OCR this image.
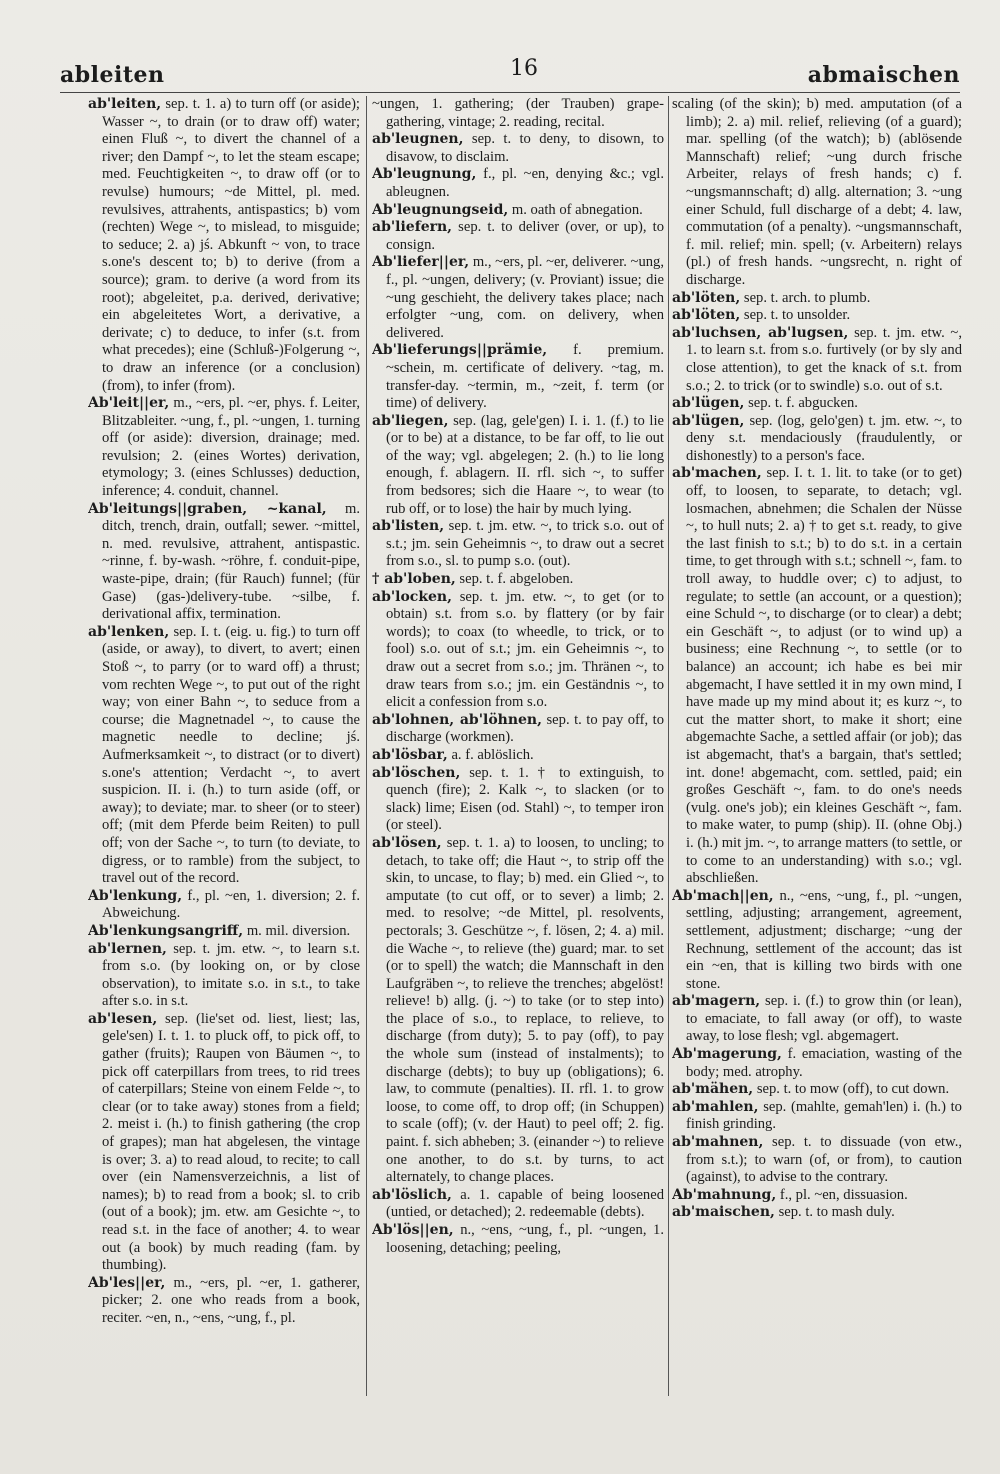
ableiten	16	abmaischen

ab'leiten, sep. t. 1. a) to turn off (or aside); Wasser ~, to drain (or to draw off) water; einen Fluß ~, to divert the channel of a river; den Dampf ~, to let the steam escape; med. Feuchtigkeiten ~, to draw off (or to revulse) humours; ~de Mittel, pl. med. revulsives, attrahents, antispastics; b) vom (rechten) Wege ~, to mislead, to misguide; to seduce; 2. a) jś. Abkunft ~ von, to trace s.one's descent to; b) to derive (from a source); gram. to derive (a word from its root); abgeleitet, p.a. derived, derivative; ein abgeleitetes Wort, a derivative, a derivate; c) to deduce, to infer (s.t. from what precedes); eine (Schluß-)Folgerung ~, to draw an inference (or a conclusion) (from), to infer (from).

Ab'leit||er, m., ~ers, pl. ~er, phys. f. Leiter, Blitzableiter. ~ung, f., pl. ~ungen, 1. turning off (or aside): diversion, drainage; med. revulsion; 2. (eines Wortes) derivation, etymology; 3. (eines Schlusses) deduction, inference; 4. conduit, channel.

Ab'leitungs||graben, ~kanal, m. ditch, trench, drain, outfall; sewer. ~mittel, n. med. revulsive, attrahent, antispastic. ~rinne, f. by-wash. ~röhre, f. conduit-pipe, waste-pipe, drain; (für Rauch) funnel; (für Gase) (gas-)delivery-tube. ~silbe, f. derivational affix, termination.

ab'lenken, sep. I. t. (eig. u. fig.) to turn off (aside, or away), to divert, to avert; einen Stoß ~, to parry (or to ward off) a thrust; vom rechten Wege ~, to put out of the right way; von einer Bahn ~, to seduce from a course; die Magnetnadel ~, to cause the magnetic needle to decline; jś. Aufmerksamkeit ~, to distract (or to divert) s.one's attention; Verdacht ~, to avert suspicion. II. i. (h.) to turn aside (off, or away); to deviate; mar. to sheer (or to steer) off; (mit dem Pferde beim Reiten) to pull off; von der Sache ~, to turn (to deviate, to digress, or to ramble) from the subject, to travel out of the record.

Ab'lenkung, f., pl. ~en, 1. diversion; 2. f. Abweichung.

Ab'lenkungsangriff, m. mil. diversion.

ab'lernen, sep. t. jm. etw. ~, to learn s.t. from s.o. (by looking on, or by close observation), to imitate s.o. in s.t., to take after s.o. in s.t.

ab'lesen, sep. (lie'set od. liest, liest; las, gele'sen) I. t. 1. to pluck off, to pick off, to gather (fruits); Raupen von Bäumen ~, to pick off caterpillars from trees, to rid trees of caterpillars; Steine von einem Felde ~, to clear (or to take away) stones from a field; 2. meist i. (h.) to finish gathering (the crop of grapes); man hat abgelesen, the vintage is over; 3. a) to read aloud, to recite; to call over (ein Namensverzeichnis, a list of names); b) to read from a book; sl. to crib (out of a book); jm. etw. am Gesichte ~, to read s.t. in the face of another; 4. to wear out (a book) by much reading (fam. by thumbing).

Ab'les||er, m., ~ers, pl. ~er, 1. gatherer, picker; 2. one who reads from a book, reciter. ~en, n., ~ens, ~ung, f., pl.

~ungen, 1. gathering; (der Trauben) grape-gathering, vintage; 2. reading, recital.

ab'leugnen, sep. t. to deny, to disown, to disavow, to disclaim.

Ab'leugnung, f., pl. ~en, denying &c.; vgl. ableugnen.

Ab'leugnungseid, m. oath of abnegation.

ab'liefern, sep. t. to deliver (over, or up), to consign.

Ab'liefer||er, m., ~ers, pl. ~er, deliverer. ~ung, f., pl. ~ungen, delivery; (v. Proviant) issue; die ~ung geschieht, the delivery takes place; nach erfolgter ~ung, com. on delivery, when delivered.

Ab'lieferungs||prämie, f. premium. ~schein, m. certificate of delivery. ~tag, m. transfer-day. ~termin, m., ~zeit, f. term (or time) of delivery.

ab'liegen, sep. (lag, gele'gen) I. i. 1. (f.) to lie (or to be) at a distance, to be far off, to lie out of the way; vgl. abgelegen; 2. (h.) to lie long enough, f. ablagern. II. rfl. sich ~, to suffer from bedsores; sich die Haare ~, to wear (to rub off, or to lose) the hair by much lying.

ab'listen, sep. t. jm. etw. ~, to trick s.o. out of s.t.; jm. sein Geheimnis ~, to draw out a secret from s.o., sl. to pump s.o. (out).

† ab'loben, sep. t. f. abgeloben.

ab'locken, sep. t. jm. etw. ~, to get (or to obtain) s.t. from s.o. by flattery (or by fair words); to coax (to wheedle, to trick, or to fool) s.o. out of s.t.; jm. ein Geheimnis ~, to draw out a secret from s.o.; jm. Thränen ~, to draw tears from s.o.; jm. ein Geständnis ~, to elicit a confession from s.o.

ab'lohnen, ab'löhnen, sep. t. to pay off, to discharge (workmen).

ab'lösbar, a. f. ablöslich.

ab'löschen, sep. t. 1. † to extinguish, to quench (fire); 2. Kalk ~, to slacken (or to slack) lime; Eisen (od. Stahl) ~, to temper iron (or steel).

ab'lösen, sep. t. 1. a) to loosen, to uncling; to detach, to take off; die Haut ~, to strip off the skin, to uncase, to flay; b) med. ein Glied ~, to amputate (to cut off, or to sever) a limb; 2. med. to resolve; ~de Mittel, pl. resolvents, pectorals; 3. Geschütze ~, f. lösen, 2; 4. a) mil. die Wache ~, to relieve (the) guard; mar. to set (or to spell) the watch; die Mannschaft in den Laufgräben ~, to relieve the trenches; abgelöst! relieve! b) allg. (j. ~) to take (or to step into) the place of s.o., to replace, to relieve, to discharge (from duty); 5. to pay (off), to pay the whole sum (instead of instalments); to discharge (debts); to buy up (obligations); 6. law, to commute (penalties). II. rfl. 1. to grow loose, to come off, to drop off; (in Schuppen) to scale (off); (v. der Haut) to peel off; 2. fig. paint. f. sich abheben; 3. (einander ~) to relieve one another, to do s.t. by turns, to act alternately, to change places.

ab'löslich, a. 1. capable of being loosened (untied, or detached); 2. redeemable (debts).

Ab'lös||en, n., ~ens, ~ung, f., pl. ~ungen, 1. loosening, detaching; peeling,

scaling (of the skin); b) med. amputation (of a limb); 2. a) mil. relief, relieving (of a guard); mar. spelling (of the watch); b) (ablösende Mannschaft) relief; ~ung durch frische Arbeiter, relays of fresh hands; c) f. ~ungsmannschaft; d) allg. alternation; 3. ~ung einer Schuld, full discharge of a debt; 4. law, commutation (of a penalty). ~ungsmannschaft, f. mil. relief; min. spell; (v. Arbeitern) relays (pl.) of fresh hands. ~ungsrecht, n. right of discharge.

ab'löten, sep. t. arch. to plumb.

ab'löten, sep. t. to unsolder.

ab'luchsen, ab'lugsen, sep. t. jm. etw. ~, 1. to learn s.t. from s.o. furtively (or by sly and close attention), to get the knack of s.t. from s.o.; 2. to trick (or to swindle) s.o. out of s.t.

ab'lügen, sep. t. f. abgucken.

ab'lügen, sep. (log, gelo'gen) t. jm. etw. ~, to deny s.t. mendaciously (fraudulently, or dishonestly) to a person's face.

ab'machen, sep. I. t. 1. lit. to take (or to get) off, to loosen, to separate, to detach; vgl. losmachen, abnehmen; die Schalen der Nüsse ~, to hull nuts; 2. a) † to get s.t. ready, to give the last finish to s.t.; b) to do s.t. in a certain time, to get through with s.t.; schnell ~, fam. to troll away, to huddle over; c) to adjust, to regulate; to settle (an account, or a question); eine Schuld ~, to discharge (or to clear) a debt; ein Geschäft ~, to adjust (or to wind up) a business; eine Rechnung ~, to settle (or to balance) an account; ich habe es bei mir abgemacht, I have settled it in my own mind, I have made up my mind about it; es kurz ~, to cut the matter short, to make it short; eine abgemachte Sache, a settled affair (or job); das ist abgemacht, that's a bargain, that's settled; int. done! abgemacht, com. settled, paid; ein großes Geschäft ~, fam. to do one's needs (vulg. one's job); ein kleines Geschäft ~, fam. to make water, to pump (ship). II. (ohne Obj.) i. (h.) mit jm. ~, to arrange matters (to settle, or to come to an understanding) with s.o.; vgl. abschließen.

Ab'mach||en, n., ~ens, ~ung, f., pl. ~ungen, settling, adjusting; arrangement, agreement, settlement, adjustment; discharge; ~ung der Rechnung, settlement of the account; das ist ein ~en, that is killing two birds with one stone.

ab'magern, sep. i. (f.) to grow thin (or lean), to emaciate, to fall away (or off), to waste away, to lose flesh; vgl. abgemagert.

Ab'magerung, f. emaciation, wasting of the body; med. atrophy.

ab'mähen, sep. t. to mow (off), to cut down.

ab'mahlen, sep. (mahlte, gemah'len) i. (h.) to finish grinding.

ab'mahnen, sep. t. to dissuade (von etw., from s.t.); to warn (of, or from), to caution (against), to advise to the contrary.

Ab'mahnung, f., pl. ~en, dissuasion.

ab'maischen, sep. t. to mash duly.
